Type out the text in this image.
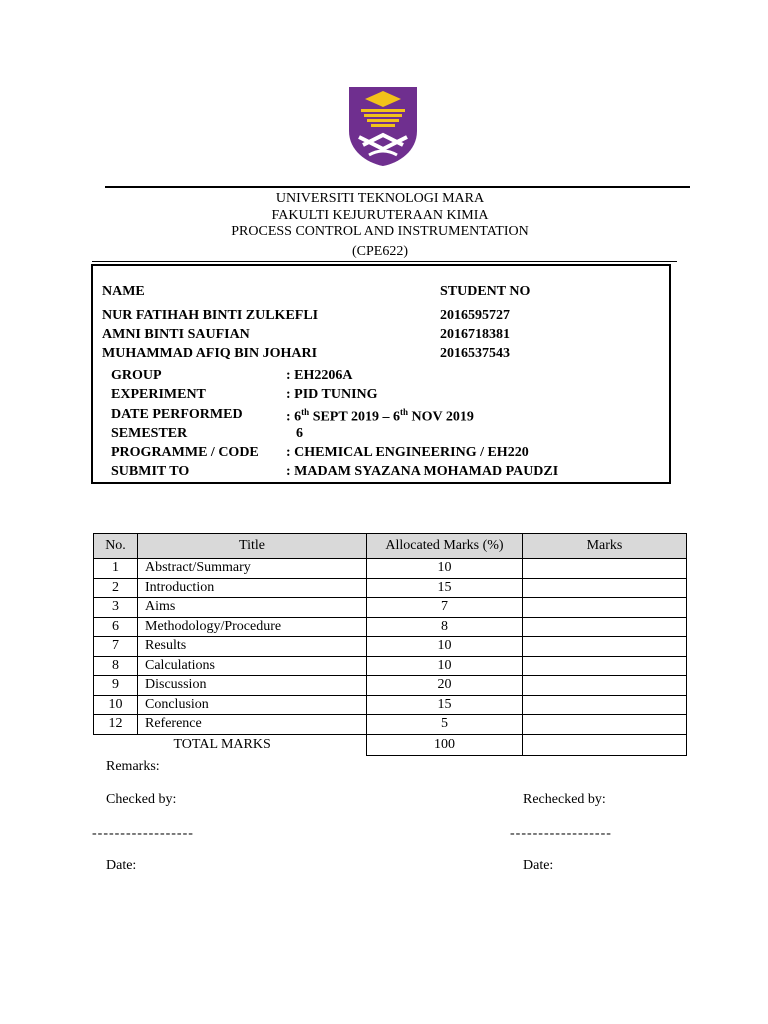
UNIVERSITI TEKNOLOGI MARA
FAKULTI KEJURUTERAAN KIMIA
PROCESS CONTROL AND INSTRUMENTATION
(CPE622)
NAME	STUDENT NO
NUR FATIHAH BINTI ZULKEFLI	2016595727
AMNI BINTI SAUFIAN	2016718381
MUHAMMAD AFIQ BIN JOHARI	2016537543
GROUP	: EH2206A
EXPERIMENT	: PID TUNING
DATE PERFORMED	: 6th SEPT 2019 – 6th NOV 2019
SEMESTER	6
PROGRAMME / CODE : CHEMICAL ENGINEERING / EH220
SUBMIT TO	: MADAM SYAZANA MOHAMAD PAUDZI
No.	Title	Allocated Marks (%)	Marks
1	Abstract/Summary	10	
2	Introduction	15	
3	Aims	7	
6	Methodology/Procedure	8	
7	Results	10	
8	Calculations	10	
9	Discussion	20	
10	Conclusion	15	
12	Reference	5	
TOTAL MARKS		100	
Remarks:
Checked by:	Rechecked by:
------------------	------------------
Date:	Date:
